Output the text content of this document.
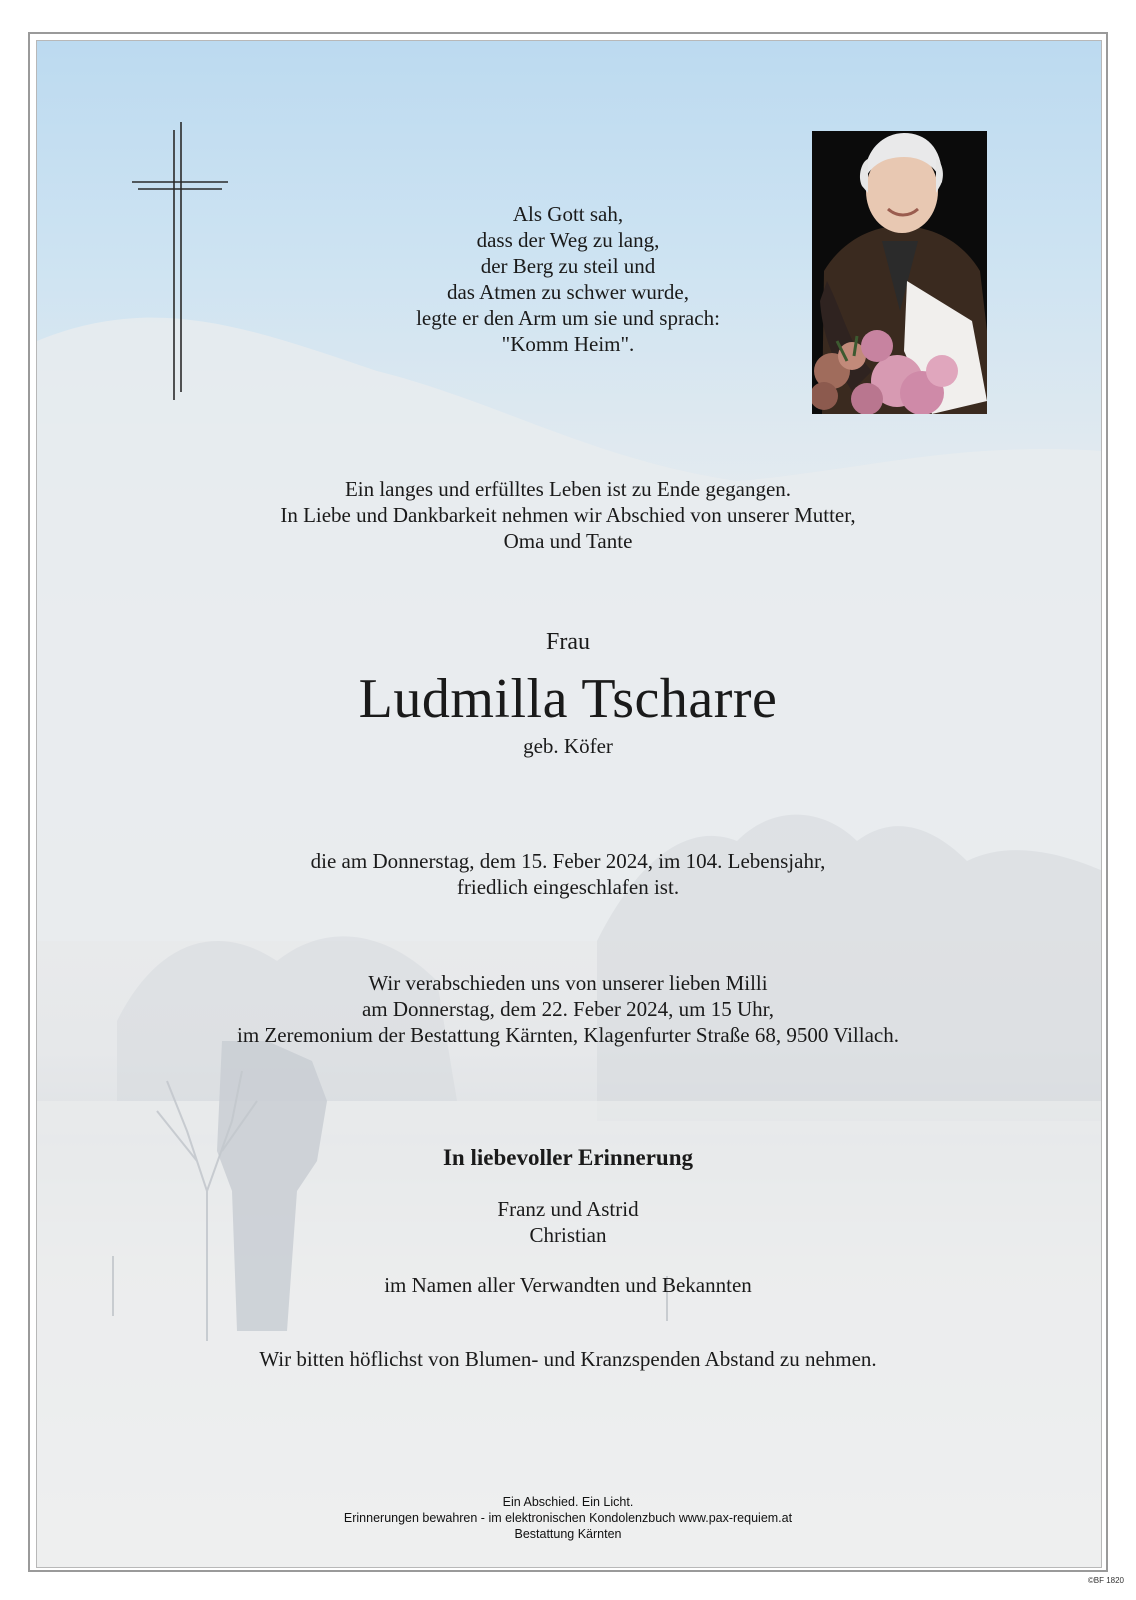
Als Gott sah,
dass der Weg zu lang,
der Berg zu steil und
das Atmen zu schwer wurde,
legte er den Arm um sie und sprach:
"Komm Heim".
Ein langes und erfülltes Leben ist zu Ende gegangen.
In Liebe und Dankbarkeit nehmen wir Abschied von unserer Mutter,
Oma und Tante
Frau
Ludmilla Tscharre
geb. Köfer
die am Donnerstag, dem 15. Feber 2024, im 104. Lebensjahr,
friedlich eingeschlafen ist.
Wir verabschieden uns von unserer lieben Milli
am Donnerstag, dem 22. Feber 2024, um 15 Uhr,
im Zeremonium der Bestattung Kärnten, Klagenfurter Straße 68, 9500 Villach.
In liebevoller Erinnerung
Franz und Astrid
Christian
im Namen aller Verwandten und Bekannten
Wir bitten höflichst von Blumen- und Kranzspenden Abstand zu nehmen.
Ein Abschied. Ein Licht.
Erinnerungen bewahren - im elektronischen Kondolenzbuch www.pax-requiem.at
Bestattung Kärnten
©BF 1820
